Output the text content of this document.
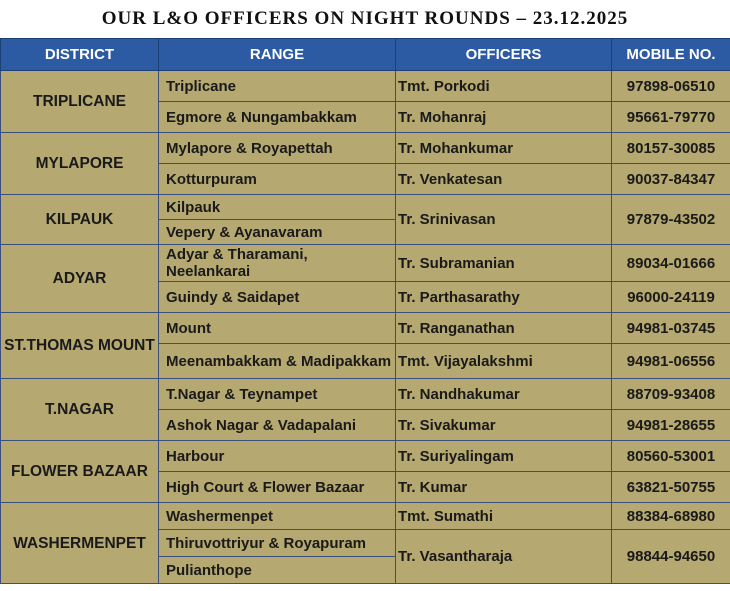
OUR L&O OFFICERS ON NIGHT ROUNDS – 23.12.2025
DISTRICT	RANGE	OFFICERS	MOBILE NO.
TRIPLICANE	Triplicane	Tmt. Porkodi	97898-06510
	Egmore & Nungambakkam	Tr. Mohanraj	95661-79770
MYLAPORE	Mylapore & Royapettah	Tr. Mohankumar	80157-30085
	Kotturpuram	Tr. Venkatesan	90037-84347
KILPAUK	Kilpauk	Tr. Srinivasan	97879-43502
	Vepery & Ayanavaram		
ADYAR	Adyar & Tharamani, Neelankarai	Tr. Subramanian	89034-01666
	Guindy & Saidapet	Tr. Parthasarathy	96000-24119
ST.THOMAS MOUNT	Mount	Tr. Ranganathan	94981-03745
	Meenambakkam & Madipakkam	Tmt. Vijayalakshmi	94981-06556
T.NAGAR	T.Nagar & Teynampet	Tr. Nandhakumar	88709-93408
	Ashok Nagar & Vadapalani	Tr. Sivakumar	94981-28655
FLOWER BAZAAR	Harbour	Tr. Suriyalingam	80560-53001
	High Court & Flower Bazaar	Tr. Kumar	63821-50755
WASHERMENPET	Washermenpet	Tmt. Sumathi	88384-68980
	Thiruvottriyur & Royapuram	Tr. Vasantharaja	98844-94650
	Pulianthope		
